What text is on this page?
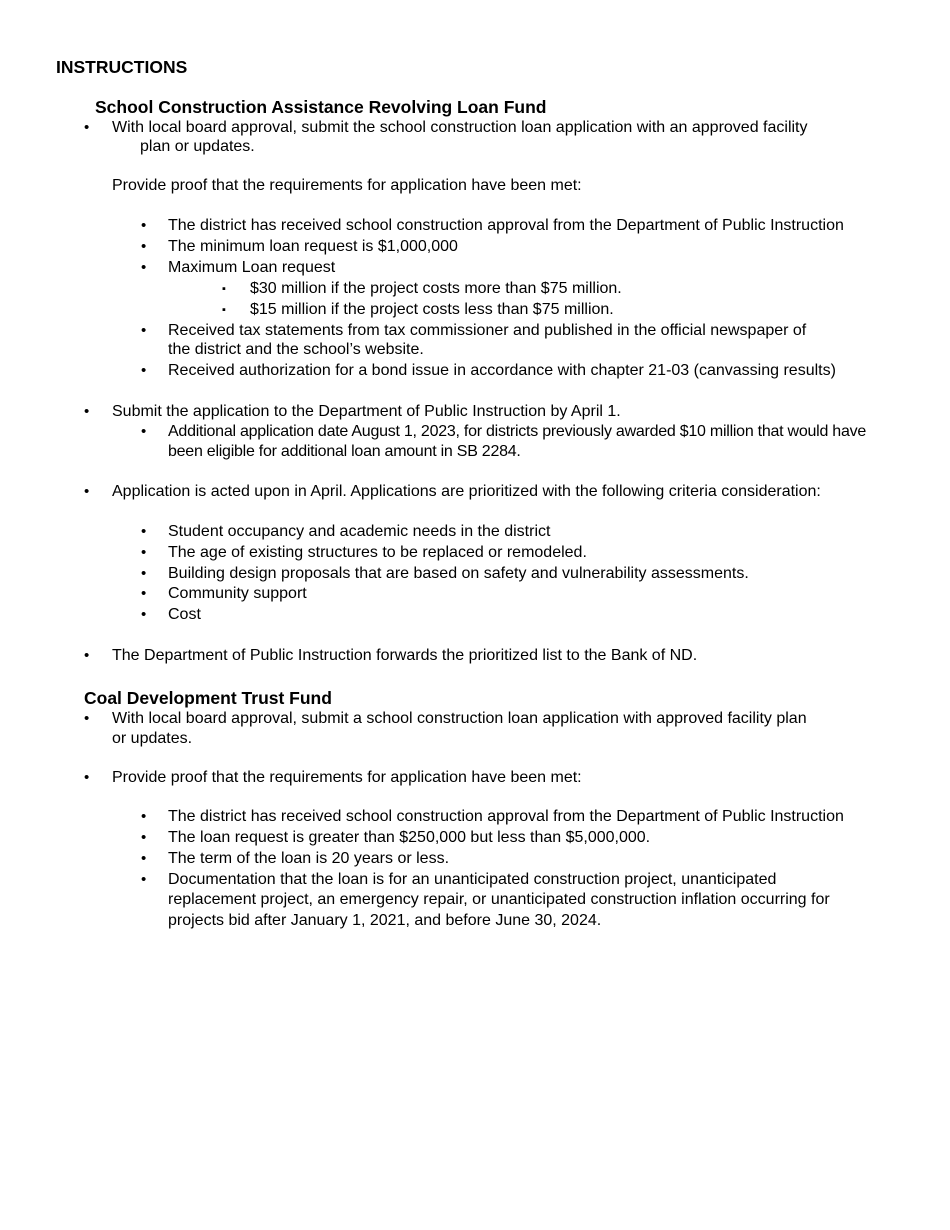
INSTRUCTIONS
School Construction Assistance Revolving Loan Fund
• With local board approval, submit the school construction loan application with an approved facility
plan or updates.
Provide proof that the requirements for application have been met:
• The district has received school construction approval from the Department of Public Instruction
• The minimum loan request is $1,000,000
• Maximum Loan request
▪ $30 million if the project costs more than $75 million.
▪ $15 million if the project costs less than $75 million.
• Received tax statements from tax commissioner and published in the official newspaper of
the district and the school’s website.
• Received authorization for a bond issue in accordance with chapter 21-03 (canvassing results)
• Submit the application to the Department of Public Instruction by April 1.
• Additional application date August 1, 2023, for districts previously awarded $10 million that would have
been eligible for additional loan amount in SB 2284.
• Application is acted upon in April. Applications are prioritized with the following criteria consideration:
• Student occupancy and academic needs in the district
• The age of existing structures to be replaced or remodeled.
• Building design proposals that are based on safety and vulnerability assessments.
• Community support
• Cost
• The Department of Public Instruction forwards the prioritized list to the Bank of ND.
Coal Development Trust Fund
• With local board approval, submit a school construction loan application with approved facility plan
or updates.
• Provide proof that the requirements for application have been met:
• The district has received school construction approval from the Department of Public Instruction
• The loan request is greater than $250,000 but less than $5,000,000.
• The term of the loan is 20 years or less.
• Documentation that the loan is for an unanticipated construction project, unanticipated
replacement project, an emergency repair, or unanticipated construction inflation occurring for
projects bid after January 1, 2021, and before June 30, 2024.
